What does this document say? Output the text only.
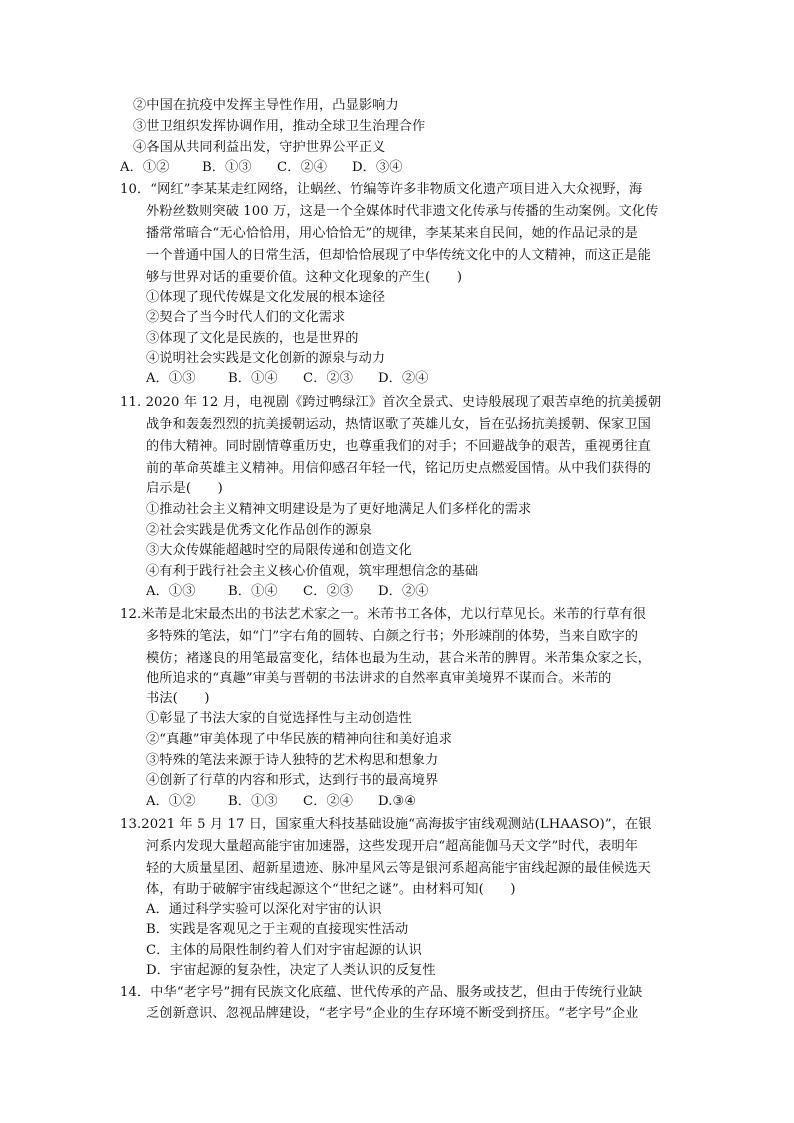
②中国在抗疫中发挥主导性作用，凸显影响力
③世卫组织发挥协调作用，推动全球卫生治理合作
④各国从共同利益出发，守护世界公平正义
A．①② B．①③ C．②④ D．③④
10．“网红”李某某走红网络，让蜗丝、竹编等许多非物质文化遗产项目进入大众视野，海
外粉丝数则突破 100 万，这是一个全媒体时代非遗文化传承与传播的生动案例。文化传
播常常暗合“无心恰恰用，用心恰恰无”的规律，李某某来自民间，她的作品记录的是
一个普通中国人的日常生活，但却恰恰展现了中华传统文化中的人文精神，而这正是能
够与世界对话的重要价值。这种文化现象的产生(　　)
①体现了现代传媒是文化发展的根本途径
②契合了当今时代人们的文化需求
③体现了文化是民族的，也是世界的
④说明社会实践是文化创新的源泉与动力
A．①③ B．①④ C．②③ D．②④
11. 2020 年 12 月，电视剧《跨过鸭绿江》首次全景式、史诗般展现了艰苦卓绝的抗美援朝
战争和轰轰烈烈的抗美援朝运动，热情讴歌了英雄儿女，旨在弘扬抗美援朝、保家卫国
的伟大精神。同时剧情尊重历史，也尊重我们的对手；不回避战争的艰苦，重视勇往直
前的革命英雄主义精神。用信仰感召年轻一代，铭记历史点燃爱国情。从中我们获得的
启示是(　　)
①推动社会主义精神文明建设是为了更好地满足人们多样化的需求
②社会实践是优秀文化作品创作的源泉
③大众传媒能超越时空的局限传递和创造文化
④有利于践行社会主义核心价值观，筑牢理想信念的基础
A．①③ B．①④ C．②③ D．②④
12.米芾是北宋最杰出的书法艺术家之一。米芾书工各体，尤以行草见长。米芾的行草有很
多特殊的笔法，如“门”字右角的圆转、白颜之行书；外形竦削的体势，当来自欧字的
模仿；褚遂良的用笔最富变化，结体也最为生动，甚合米芾的脾胃。米芾集众家之长，
他所追求的“真趣”审美与晋朝的书法讲求的自然率真审美境界不谋而合。米芾的
书法(　　)
①彰显了书法大家的自觉选择性与主动创造性
②“真趣”审美体现了中华民族的精神向往和美好追求
③特殊的笔法来源于诗人独特的艺术构思和想象力
④创新了行草的内容和形式，达到行书的最高境界
A．①② B．①③ C．②④ D.③④
13.2021 年 5 月 17 日，国家重大科技基础设施“高海拔宇宙线观测站(LHAASO)”，在银
河系内发现大量超高能宇宙加速器，这些发现开启“超高能伽马天文学”时代，表明年
轻的大质量星团、超新星遗迹、脉冲星风云等是银河系超高能宇宙线起源的最佳候选天
体，有助于破解宇宙线起源这个“世纪之谜”。由材料可知(　　)
A．通过科学实验可以深化对宇宙的认识
B．实践是客观见之于主观的直接现实性活动
C．主体的局限性制约着人们对宇宙起源的认识
D．宇宙起源的复杂性，决定了人类认识的反复性
14．中华“老字号”拥有民族文化底蕴、世代传承的产品、服务或技艺，但由于传统行业缺
乏创新意识、忽视品牌建设，“老字号”企业的生存环境不断受到挤压。“老字号”企业
